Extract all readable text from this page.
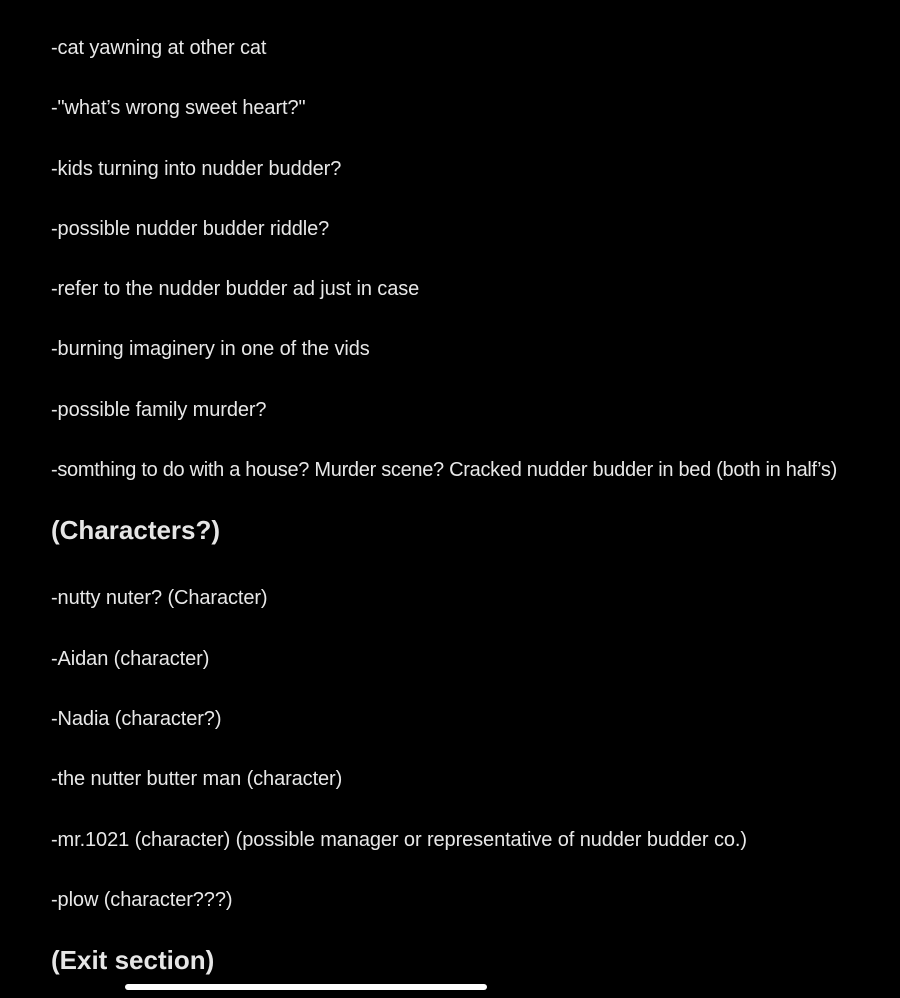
-cat yawning at other cat
-"what’s wrong sweet heart?"
-kids turning into nudder budder?
-possible nudder budder riddle?
-refer to the nudder budder ad just in case
-burning imaginery in one of the vids
-possible family murder?
-somthing to do with a house? Murder scene? Cracked nudder budder in bed (both in half’s)
(Characters?)
-nutty nuter? (Character)
-Aidan (character)
-Nadia (character?)
-the nutter butter man (character)
-mr.1021 (character) (possible manager or representative of nudder budder co.)
-plow (character???)
(Exit section)
